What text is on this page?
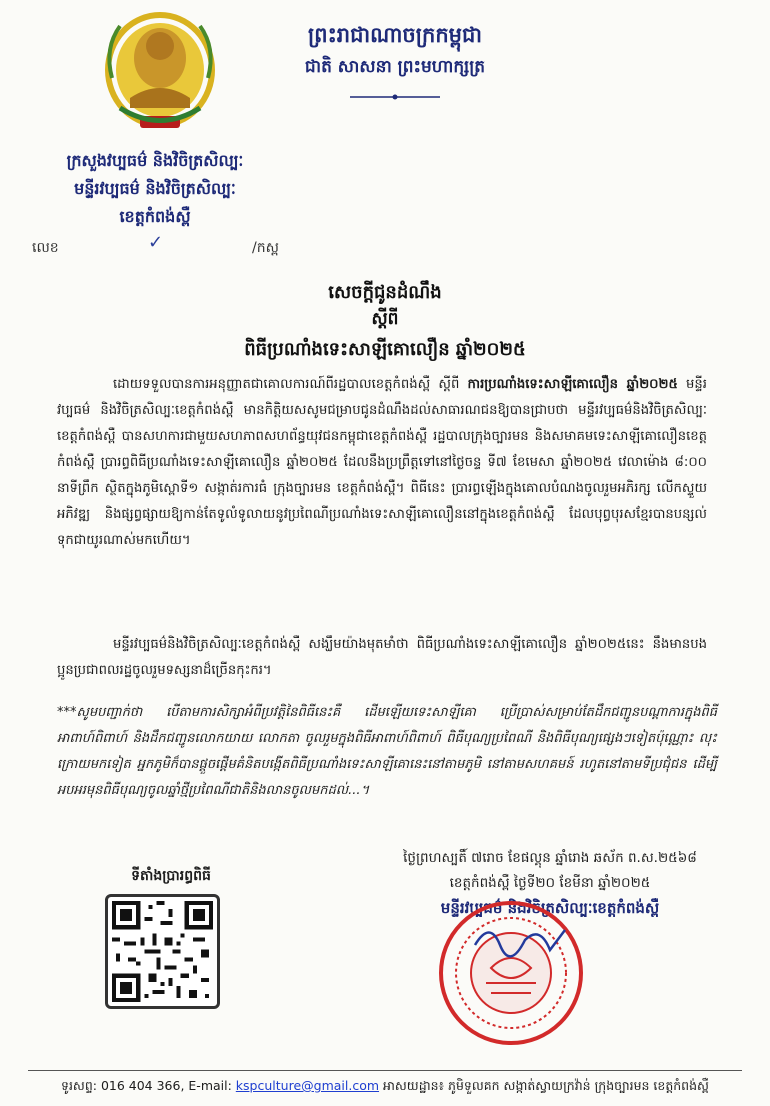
ព្រះរាជាណាចក្រកម្ពុជា
ជាតិ សាសនា ព្រះមហាក្សត្រ
ក្រសួងវប្បធម៌ និងវិចិត្រសិល្បៈ
មន្ទីរវប្បធម៌ និងវិចិត្រសិល្បៈ
ខេត្តកំពង់ស្ពឺ
លេខ	✓	/កស្ព
សេចក្តីជូនដំណឹង
ស្តីពី
ពិធីប្រណាំងទេះសាឡីគោលឿន ឆ្នាំ២០២៥
ដោយទទួលបានការអនុញ្ញាតជាគោលការណ៍ពីរដ្ឋបាលខេត្តកំពង់ស្ពឺ ស្តីពី ការប្រណាំងទេះសាឡីគោលឿន ឆ្នាំ២០២៥ មន្ទីរវប្បធម៌ និងវិចិត្រសិល្បៈខេត្តកំពង់ស្ពឺ មានកិត្តិយសសូមជម្រាបជូនដំណឹងដល់សាធារណជនឱ្យបានជ្រាបថា មន្ទីរវប្បធម៌និងវិចិត្រសិល្បៈខេត្តកំពង់ស្ពឺ បានសហការជាមួយសហភាពសហព័ន្ធយុវជនកម្ពុជាខេត្តកំពង់ស្ពឺ រដ្ឋបាលក្រុងច្បារមន និងសមាគមទេះសាឡីគោលឿនខេត្តកំពង់ស្ពឺ ប្រារព្ធពិធីប្រណាំងទេះសាឡីគោលឿន ឆ្នាំ២០២៥ ដែលនឹងប្រព្រឹត្តទៅនៅថ្ងៃចន្ទ ទី៧ ខែមេសា ឆ្នាំ២០២៥ វេលាម៉ោង ៨:០០ នាទីព្រឹក ស្ថិតក្នុងភូមិស្ពោទី១ សង្កាត់រការធំ ក្រុងច្បារមន ខេត្តកំពង់ស្ពឺ។ ពិធីនេះ ប្រារព្ធឡើងក្នុងគោលបំណងចូលរួមអភិរក្ស លើកស្ទួយ អភិវឌ្ឍ និងផ្សព្វផ្សាយឱ្យកាន់តែទូលំទូលាយនូវប្រពៃណីប្រណាំងទេះសាឡីគោលឿននៅក្នុងខេត្តកំពង់ស្ពឺ ដែលបុព្វបុរសខ្មែរបានបន្សល់ទុកជាយូរណាស់មកហើយ។
មន្ទីរវប្បធម៌និងវិចិត្រសិល្បៈខេត្តកំពង់ស្ពឺ សង្ឃឹមយ៉ាងមុតមាំថា ពិធីប្រណាំងទេះសាឡីគោលឿន ឆ្នាំ២០២៥នេះ នឹងមានបងប្អូនប្រជាពលរដ្ឋចូលរួមទស្សនាដ៏ច្រើនកុះករ។
***សូមបញ្ជាក់ថា បើតាមការសិក្សាអំពីប្រវត្តិនៃពិធីនេះគឺ ដើមឡើយទេះសាឡីគោ ប្រើប្រាស់សម្រាប់តែដឹកជញ្ជូនបណ្តាការក្នុងពិធីអាពាហ៍ពិពាហ៍ និងដឹកជញ្ជូនលោកយាយ លោកតា ចូលរួមក្នុងពិធីអាពាហ៍ពិពាហ៍ ពិធីបុណ្យប្រពៃណី និងពិធីបុណ្យផ្សេងៗទៀតប៉ុណ្ណោះ លុះក្រោយមកទៀត អ្នកភូមិក៏បានផ្តួចផ្តើមគំនិតបង្កើតពិធីប្រណាំងទេះសាឡីគោនេះនៅតាមភូមិ នៅតាមសហគមន៍ រហូតនៅតាមទីប្រជុំជន ដើម្បីអបអរមុនពិធីបុណ្យចូលឆ្នាំថ្មីប្រពៃណីជាតិនិងលានចូលមកដល់...។
ថ្ងៃព្រហស្បតិ៍ ៧រោច ខែផល្គុន ឆ្នាំរោង ឆស័ក ព.ស.២៥៦៨
ខេត្តកំពង់ស្ពឺ ថ្ងៃទី២០ ខែមីនា ឆ្នាំ២០២៥
មន្ទីរវប្បធម៌ និងវិចិត្រសិល្បៈខេត្តកំពង់ស្ពឺ
ទីតាំងប្រារព្ធពិធី
ទូរសព្ទ: 016 404 366, E-mail: kspculture@gmail.com អាសយដ្ឋាន៖ ភូមិទួលគក សង្កាត់ស្វាយក្រវ៉ាន់ ក្រុងច្បារមន ខេត្តកំពង់ស្ពឺ
